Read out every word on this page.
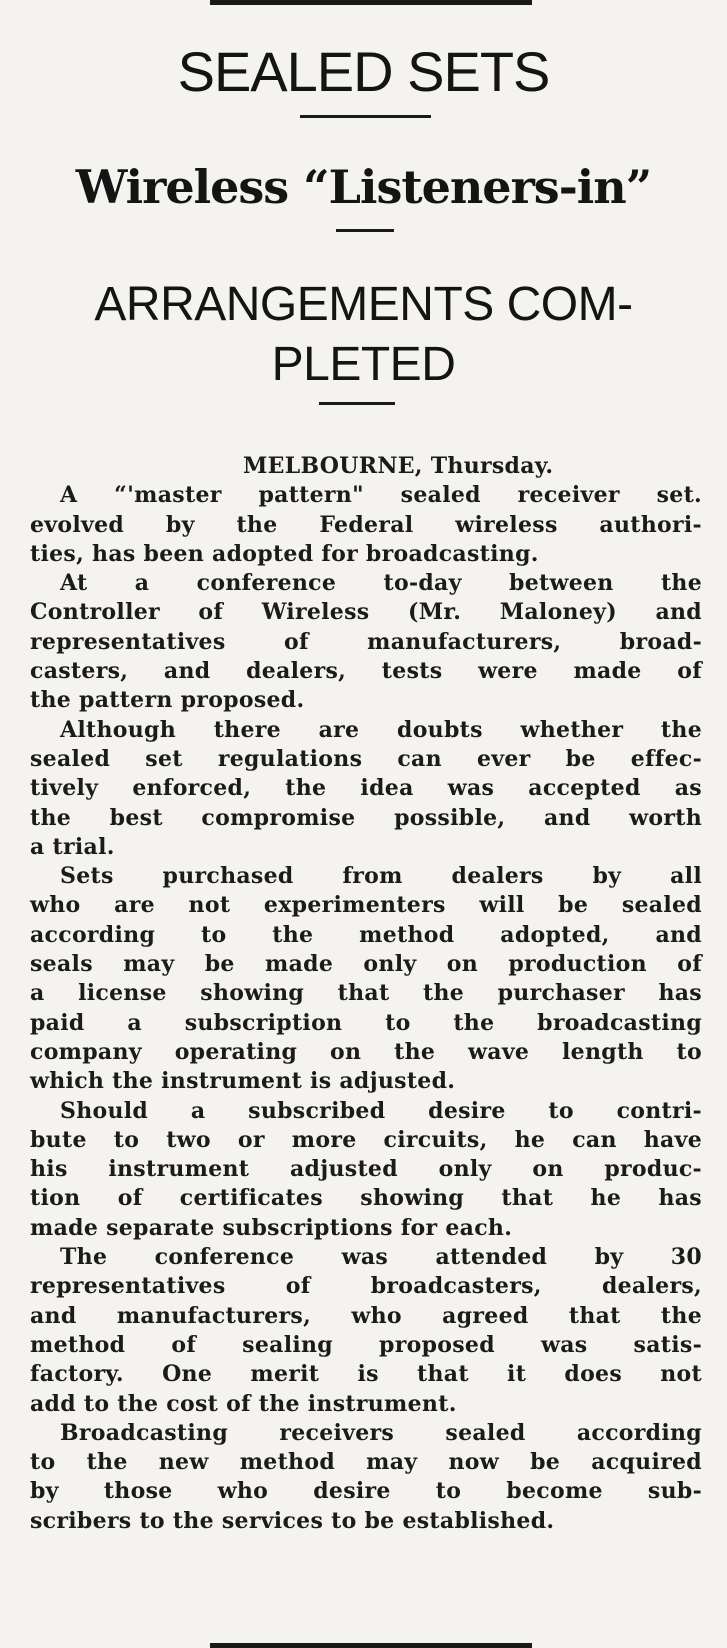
SEALED SETS
Wireless “Listeners-in”
ARRANGEMENTS COM-
PLETED
MELBOURNE, Thursday.
A “'master pattern" sealed receiver set.
evolved by the Federal wireless authori-
ties, has been adopted for broadcasting.
At a conference to-day between the
Controller of Wireless (Mr. Maloney) and
representatives of manufacturers, broad-
casters, and dealers, tests were made of
the pattern proposed.
Although there are doubts whether the
sealed set regulations can ever be effec-
tively enforced, the idea was accepted as
the best compromise possible, and worth
a trial.
Sets purchased from dealers by all
who are not experimenters will be sealed
according to the method adopted, and
seals may be made only on production of
a license showing that the purchaser has
paid a subscription to the broadcasting
company operating on the wave length to
which the instrument is adjusted.
Should a subscribed desire to contri-
bute to two or more circuits, he can have
his instrument adjusted only on produc-
tion of certificates showing that he has
made separate subscriptions for each.
The conference was attended by 30
representatives of broadcasters, dealers,
and manufacturers, who agreed that the
method of sealing proposed was satis-
factory. One merit is that it does not
add to the cost of the instrument.
Broadcasting receivers sealed according
to the new method may now be acquired
by those who desire to become sub-
scribers to the services to be established.
